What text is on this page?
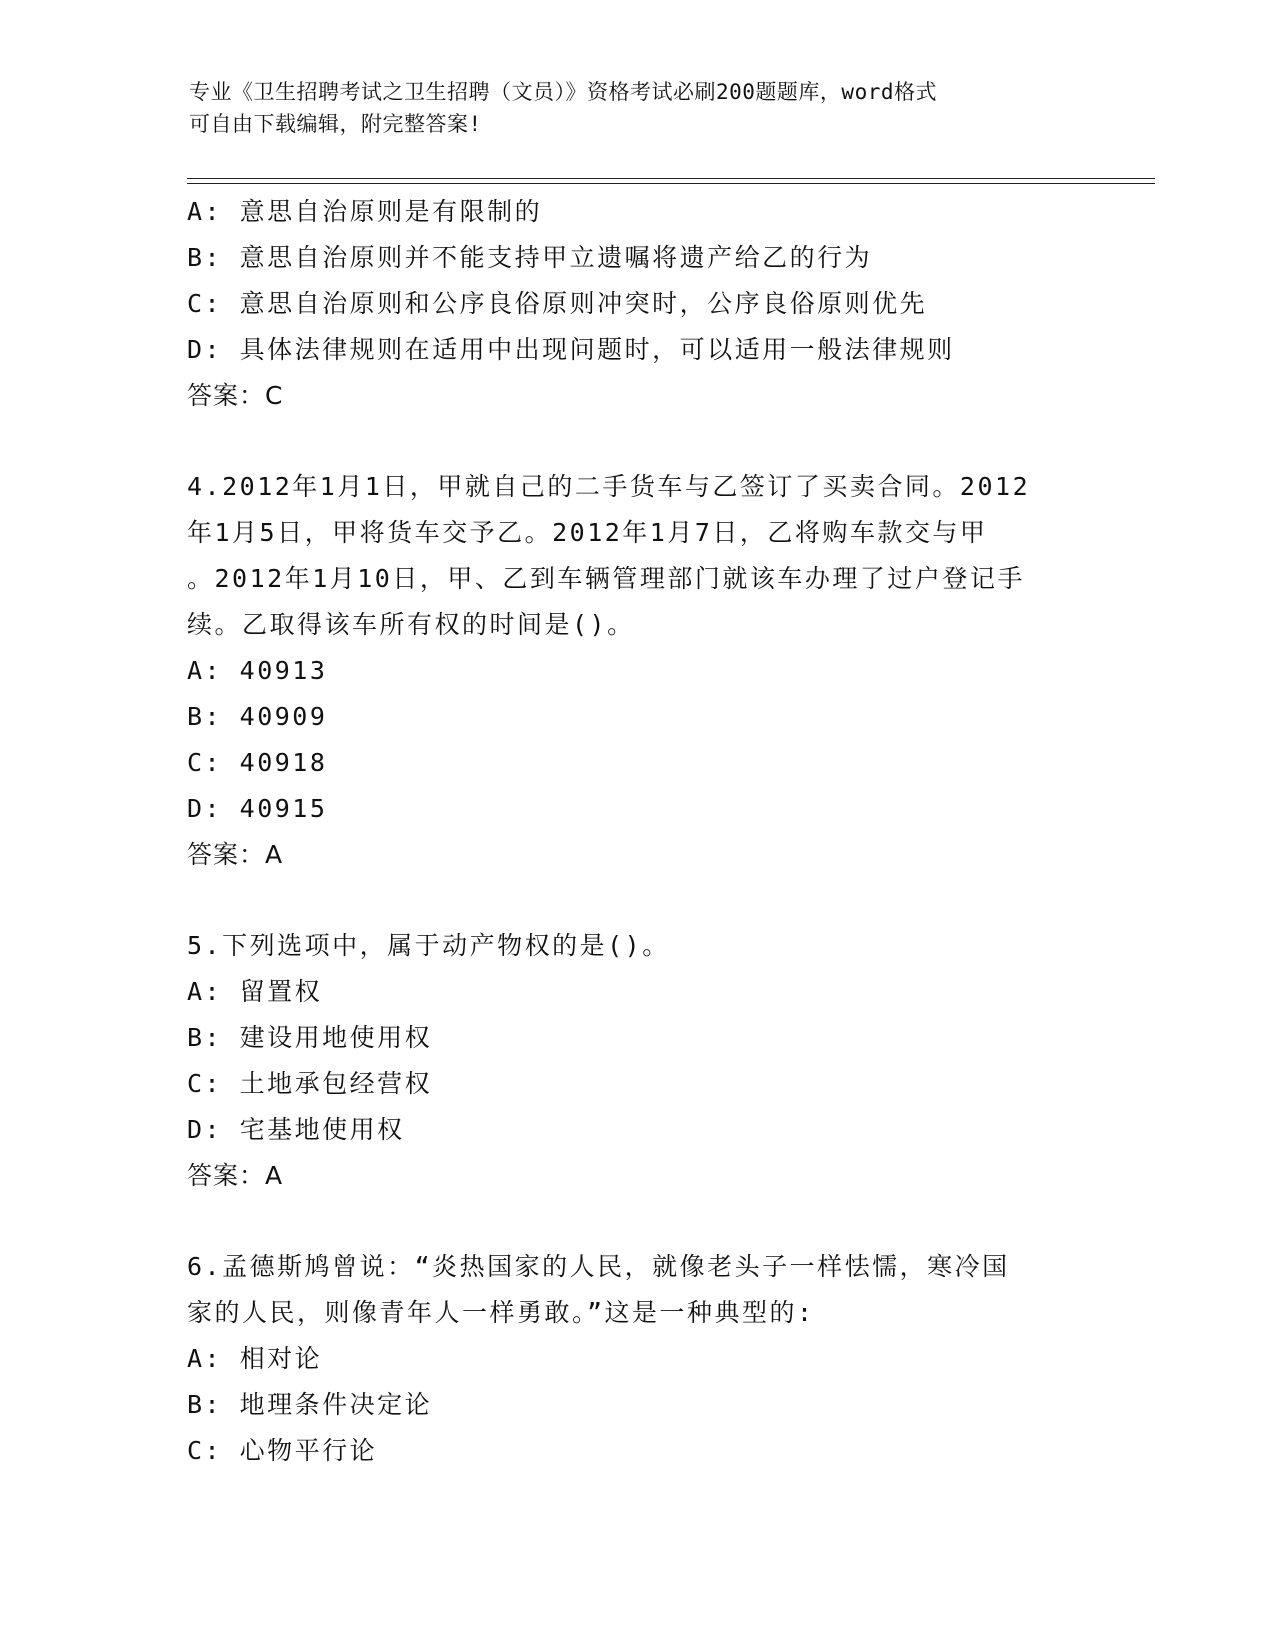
专业《卫生招聘考试之卫生招聘（文员）》资格考试必刷200题题库，word格式
可自由下载编辑，附完整答案!
A: 意思自治原则是有限制的
B: 意思自治原则并不能支持甲立遗嘱将遗产给乙的行为
C: 意思自治原则和公序良俗原则冲突时，公序良俗原则优先
D: 具体法律规则在适用中出现问题时，可以适用一般法律规则
答案：C
4.2012年1月1日，甲就自己的二手货车与乙签订了买卖合同。2012
年1月5日，甲将货车交予乙。2012年1月7日，乙将购车款交与甲
。2012年1月10日，甲、乙到车辆管理部门就该车办理了过户登记手
续。乙取得该车所有权的时间是()。
A: 40913
B: 40909
C: 40918
D: 40915
答案：A
5.下列选项中，属于动产物权的是()。
A: 留置权
B: 建设用地使用权
C: 土地承包经营权
D: 宅基地使用权
答案：A
6.孟德斯鸠曾说：“炎热国家的人民，就像老头子一样怯懦，寒冷国
家的人民，则像青年人一样勇敢。”这是一种典型的:
A: 相对论
B: 地理条件决定论
C: 心物平行论
